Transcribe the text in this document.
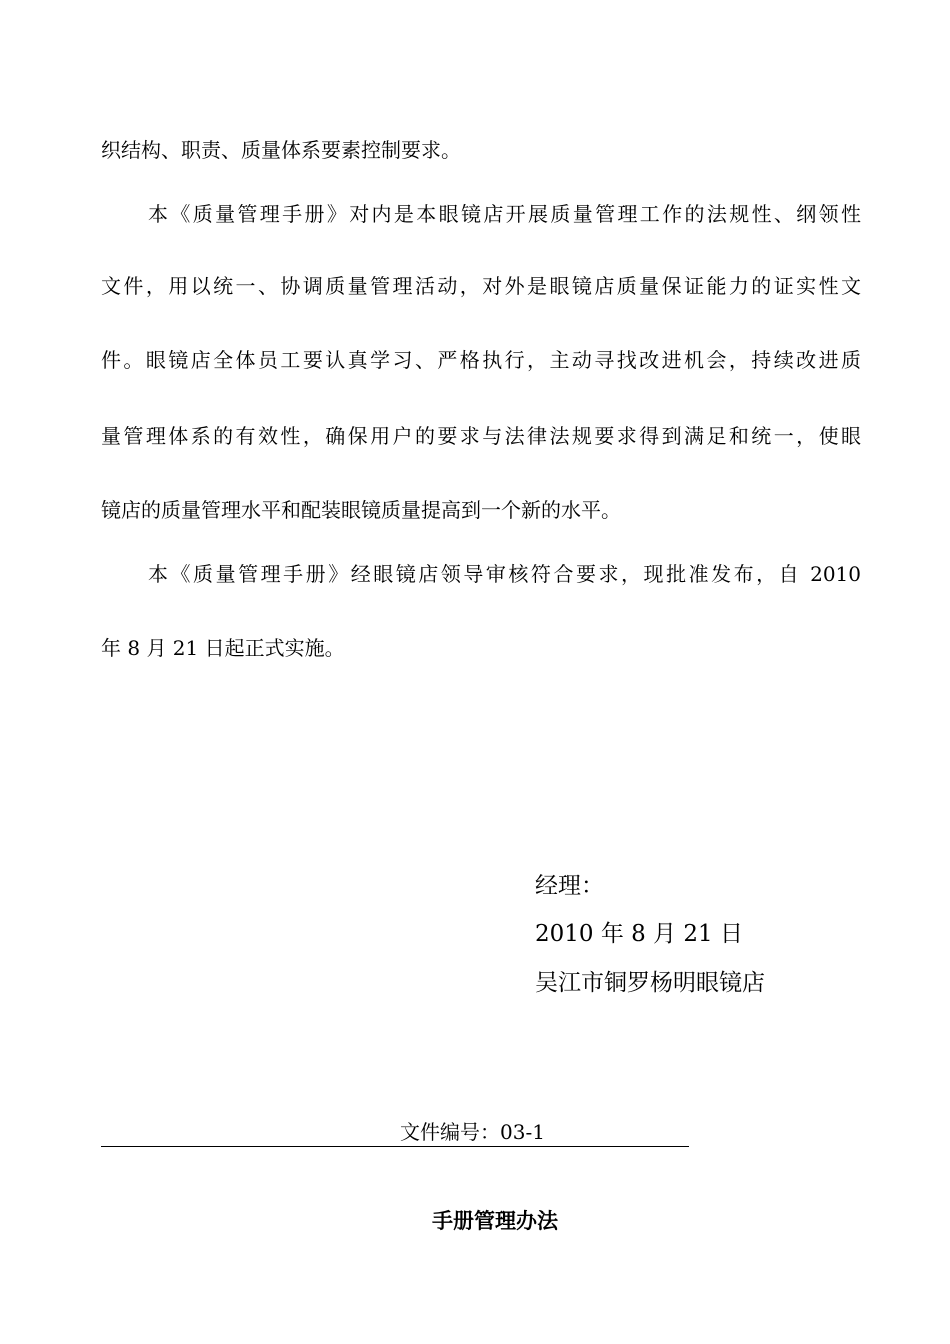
织结构、职责、质量体系要素控制要求。
本《质量管理手册》对内是本眼镜店开展质量管理工作的法规性、纲领性
文件，用以统一、协调质量管理活动，对外是眼镜店质量保证能力的证实性文
件。眼镜店全体员工要认真学习、严格执行，主动寻找改进机会，持续改进质
量管理体系的有效性，确保用户的要求与法律法规要求得到满足和统一，使眼
镜店的质量管理水平和配装眼镜质量提高到一个新的水平。
本《质量管理手册》经眼镜店领导审核符合要求，现批准发布，自 2010
年 8 月 21 日起正式实施。
经理：
2010 年 8 月 21 日
吴江市铜罗杨明眼镜店
文件编号：03-1
手册管理办法
